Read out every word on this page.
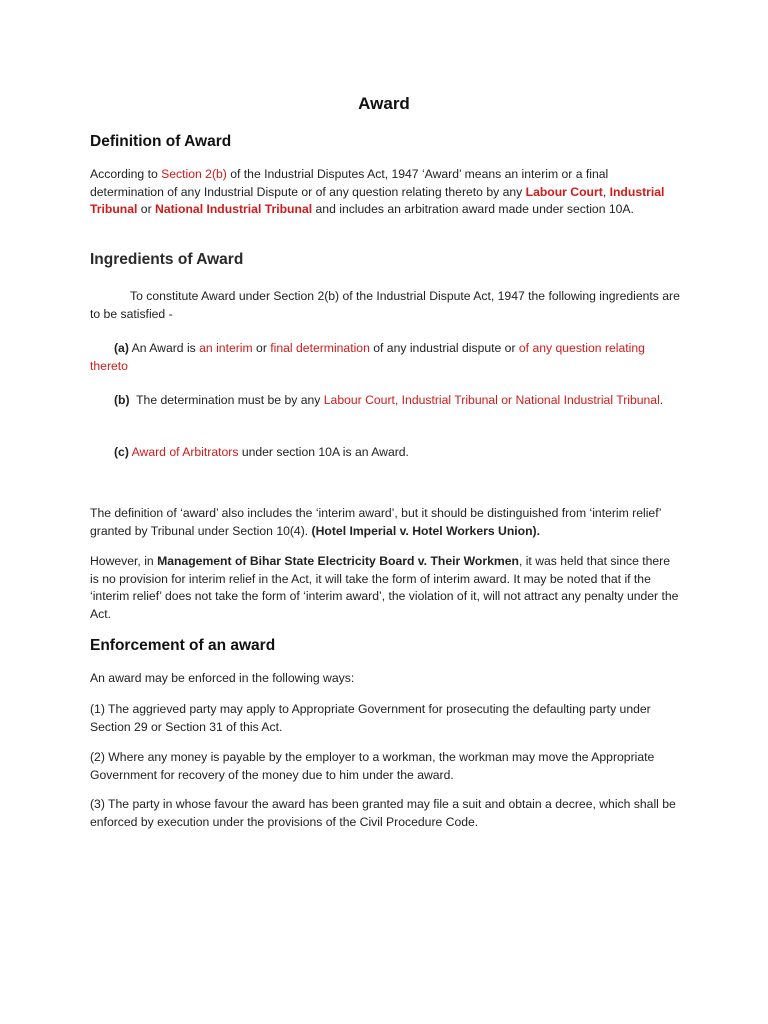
Award
Definition of Award
According to Section 2(b) of the Industrial Disputes Act, 1947 ‘Award’ means an interim or a final determination of any Industrial Dispute or of any question relating thereto by any Labour Court, Industrial Tribunal or National Industrial Tribunal and includes an arbitration award made under section 10A.
Ingredients of Award
To constitute Award under Section 2(b) of the Industrial Dispute Act, 1947 the following ingredients are to be satisfied -
(a) An Award is an interim or final determination of any industrial dispute or of any question relating thereto
(b)  The determination must be by any Labour Court, Industrial Tribunal or National Industrial Tribunal.
(c) Award of Arbitrators under section 10A is an Award.
The definition of ‘award’ also includes the ‘interim award’, but it should be distinguished from ‘interim relief’ granted by Tribunal under Section 10(4). (Hotel Imperial v. Hotel Workers Union).
However, in Management of Bihar State Electricity Board v. Their Workmen, it was held that since there is no provision for interim relief in the Act, it will take the form of interim award. It may be noted that if the ‘interim relief’ does not take the form of ‘interim award’, the violation of it, will not attract any penalty under the Act.
Enforcement of an award
An award may be enforced in the following ways:
(1) The aggrieved party may apply to Appropriate Government for prosecuting the defaulting party under Section 29 or Section 31 of this Act.
(2) Where any money is payable by the employer to a workman, the workman may move the Appropriate Government for recovery of the money due to him under the award.
(3) The party in whose favour the award has been granted may file a suit and obtain a decree, which shall be enforced by execution under the provisions of the Civil Procedure Code.
